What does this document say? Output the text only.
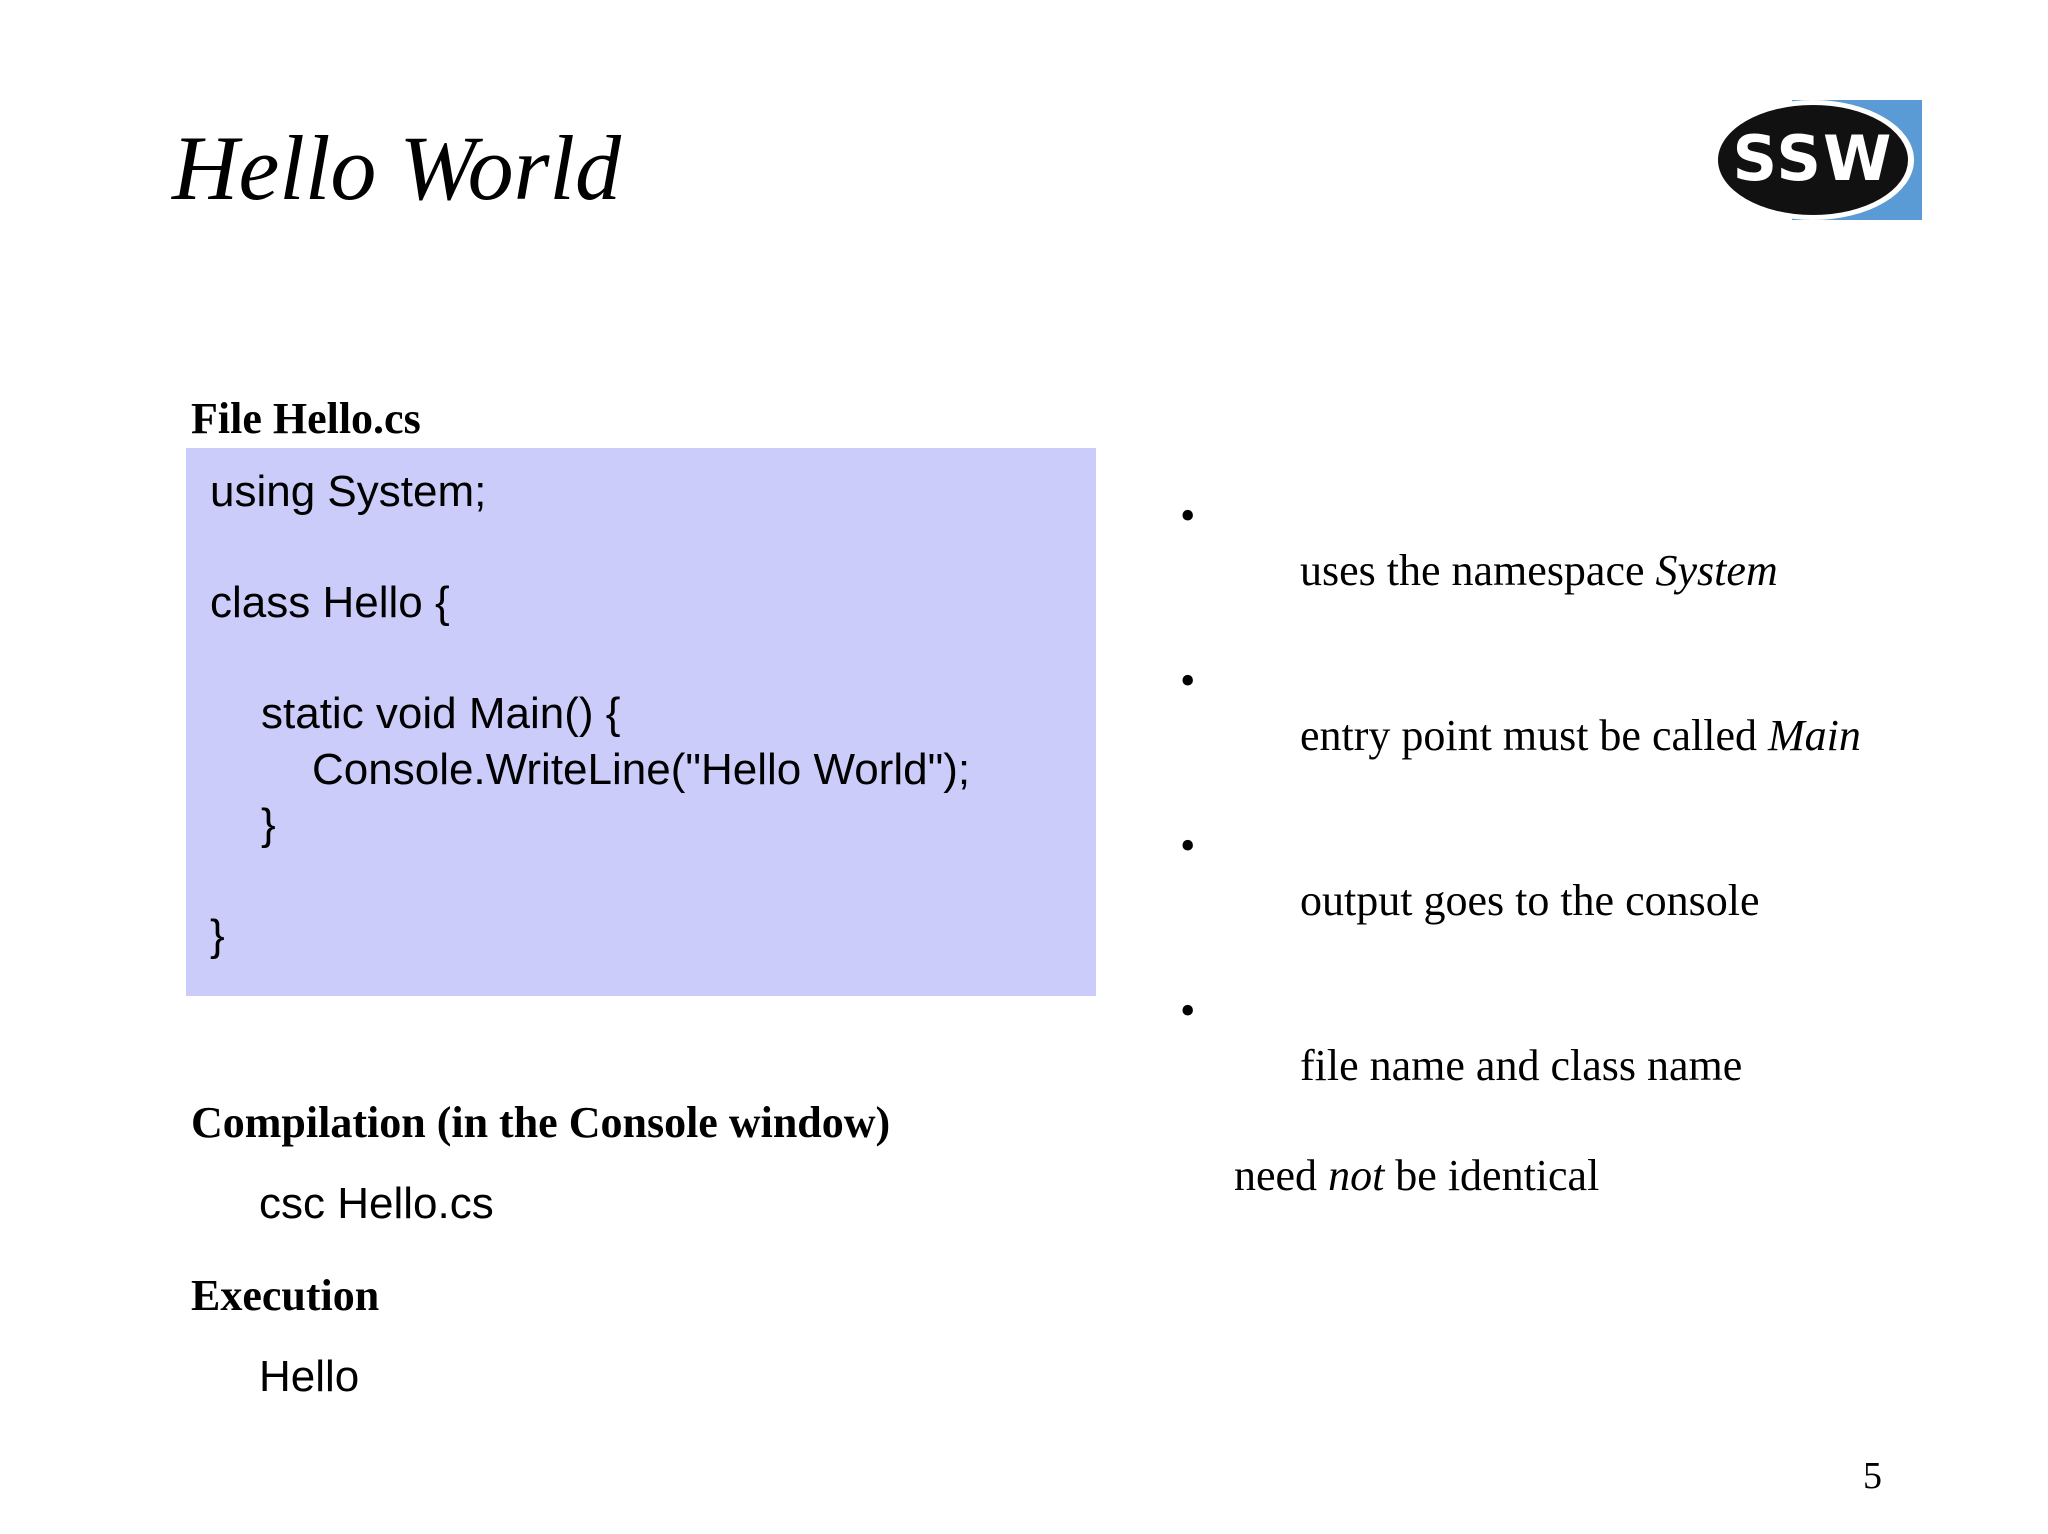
Hello World	SSW
File Hello.cs
using System;
class Hello {
static void Main() {
Console.WriteLine("Hello World");
}
}

•
uses the namespace System

•
entry point must be called Main

•
output goes to the console

•
file name and class name

need not be identical

Compilation (in the Console window)
csc Hello.cs
Execution
Hello
5
